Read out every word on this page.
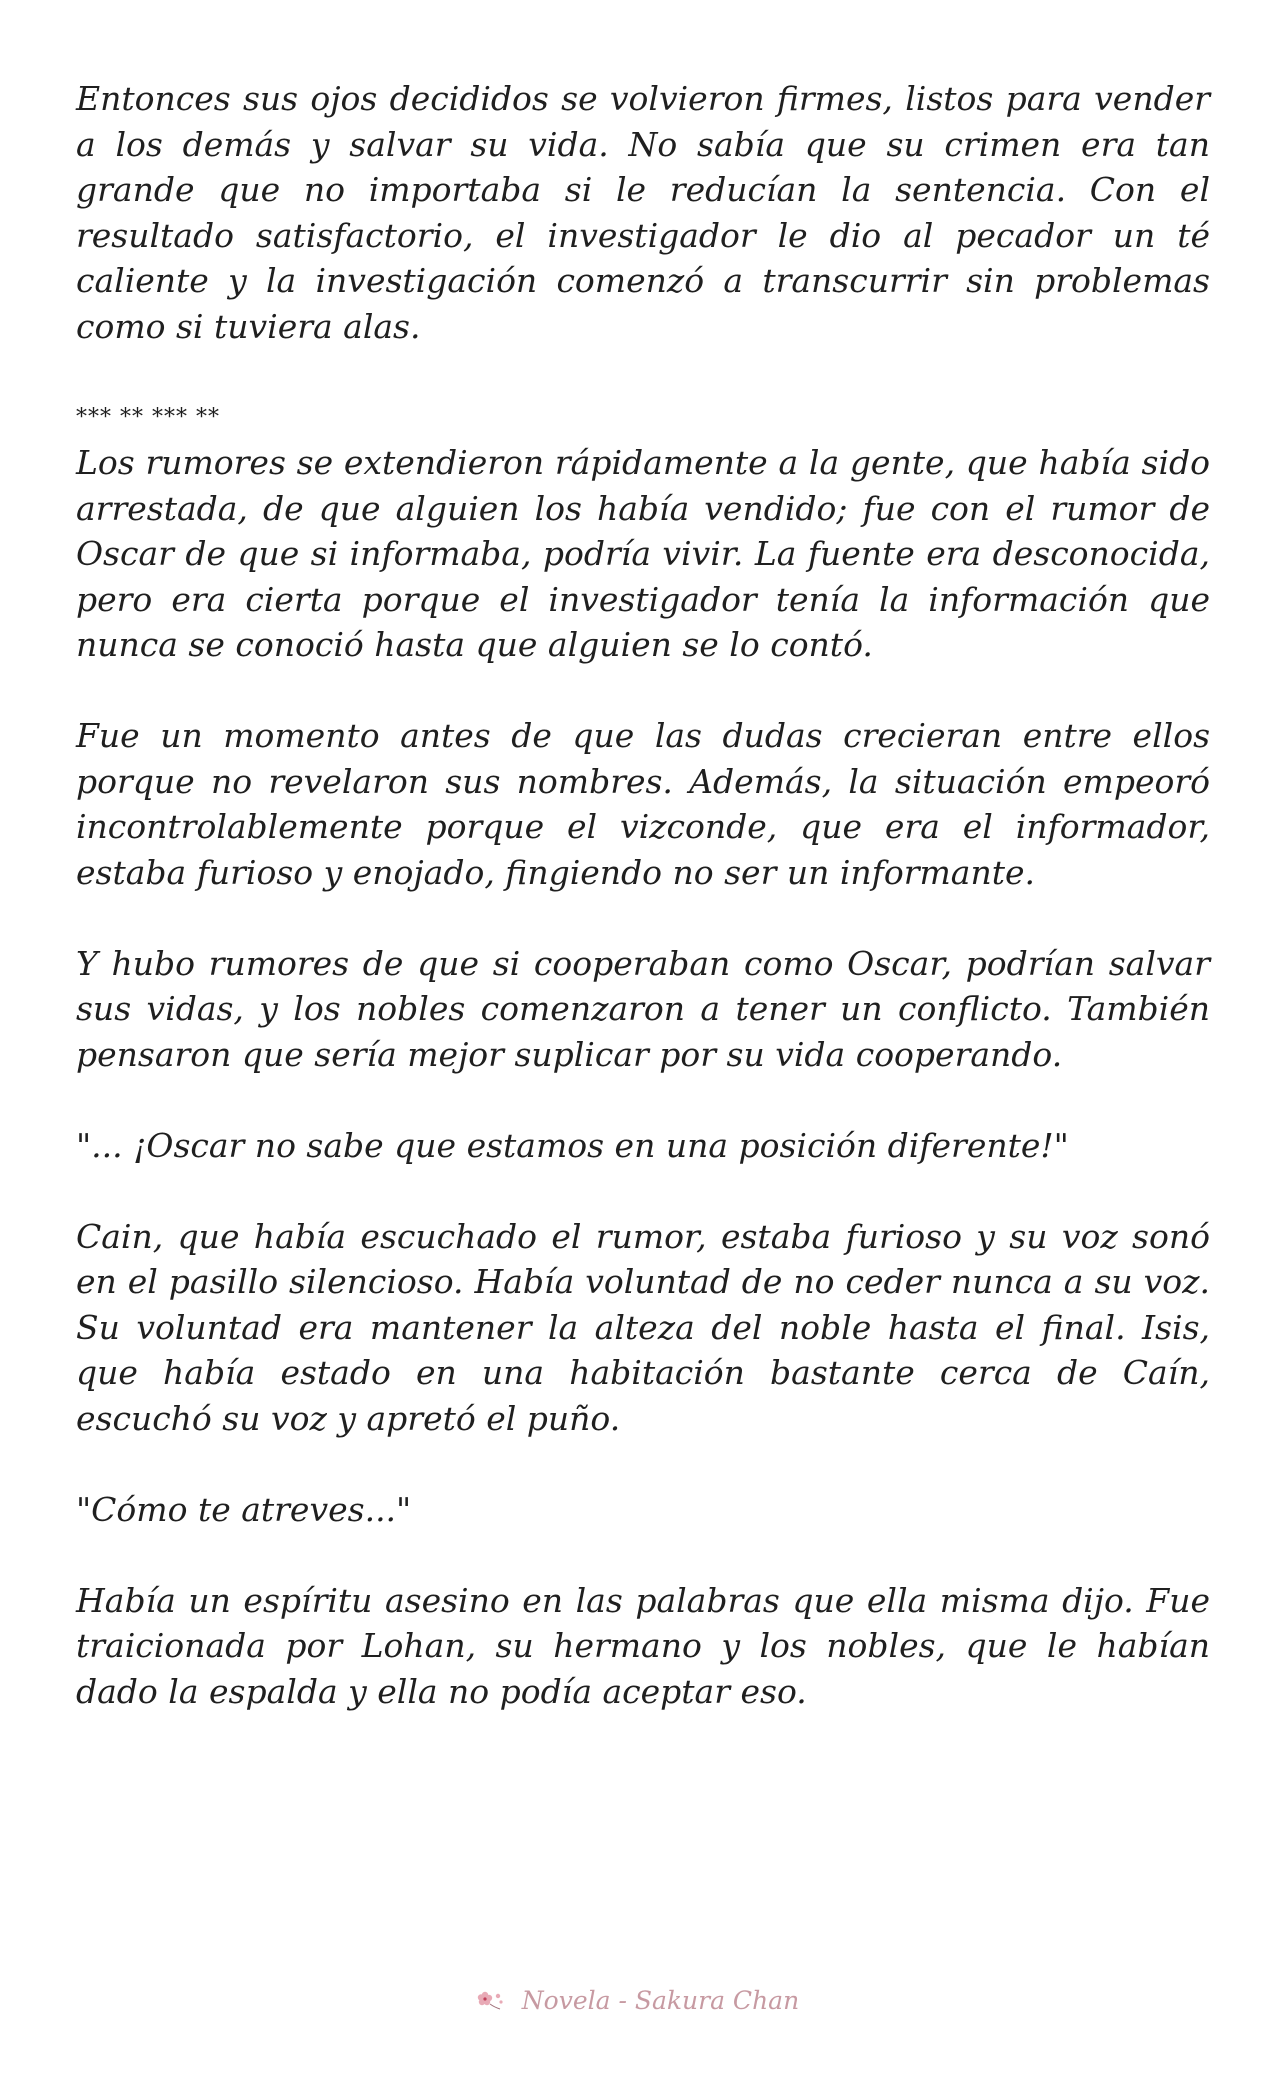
Entonces sus ojos decididos se volvieron firmes, listos para vender a los demás y salvar su vida. No sabía que su crimen era tan grande que no importaba si le reducían la sentencia. Con el resultado satisfactorio, el investigador le dio al pecador un té caliente y la investigación comenzó a transcurrir sin problemas como si tuviera alas.

*** ** *** **

Los rumores se extendieron rápidamente a la gente, que había sido arrestada, de que alguien los había vendido; fue con el rumor de Oscar de que si informaba, podría vivir. La fuente era desconocida, pero era cierta porque el investigador tenía la información que nunca se conoció hasta que alguien se lo contó.

Fue un momento antes de que las dudas crecieran entre ellos porque no revelaron sus nombres. Además, la situación empeoró incontrolablemente porque el vizconde, que era el informador, estaba furioso y enojado, fingiendo no ser un informante.

Y hubo rumores de que si cooperaban como Oscar, podrían salvar sus vidas, y los nobles comenzaron a tener un conflicto. También pensaron que sería mejor suplicar por su vida cooperando.

"... ¡Oscar no sabe que estamos en una posición diferente!"

Cain, que había escuchado el rumor, estaba furioso y su voz sonó en el pasillo silencioso. Había voluntad de no ceder nunca a su voz. Su voluntad era mantener la alteza del noble hasta el final. Isis, que había estado en una habitación bastante cerca de Caín, escuchó su voz y apretó el puño.

"Cómo te atreves..."

Había un espíritu asesino en las palabras que ella misma dijo. Fue traicionada por Lohan, su hermano y los nobles, que le habían dado la espalda y ella no podía aceptar eso.

Novela - Sakura Chan
